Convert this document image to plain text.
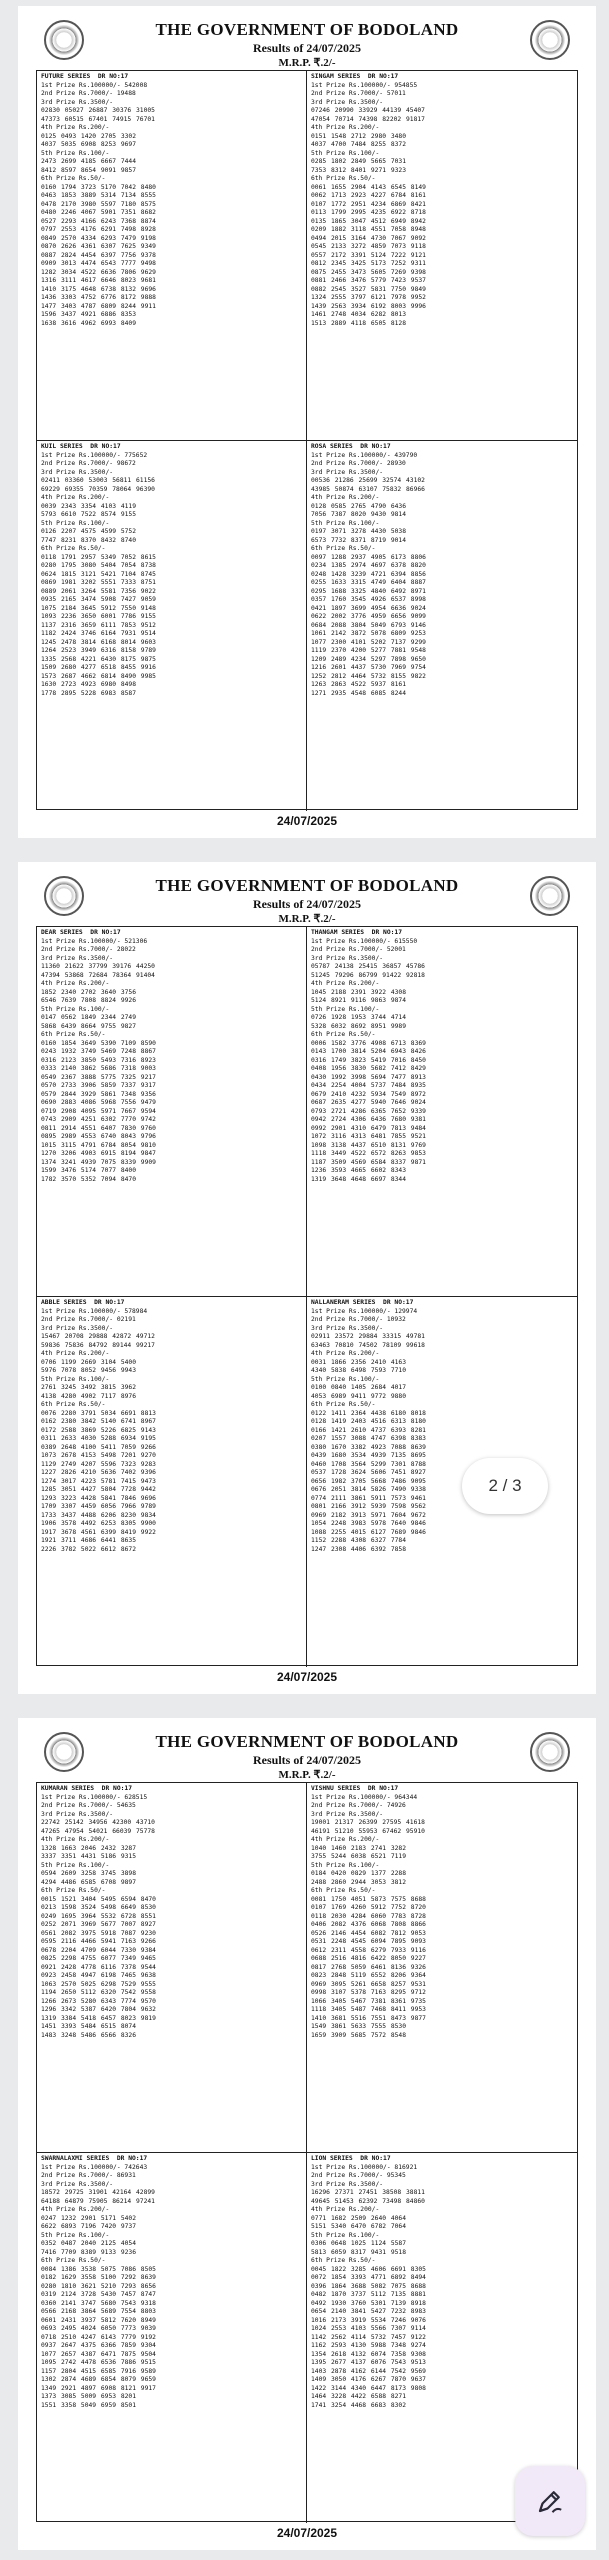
THE GOVERNMENT OF BODOLAND
Results of 24/07/2025
M.R.P. ₹.2/-
FUTURE SERIES  DR NO:17
1st Prize Rs.100000/- 542008
2nd Prize Rs.7000/- 19488
3rd Prize Rs.3500/-
02830 05027 26887 30376 31005
47373 60515 67401 74915 76701
4th Prize Rs.200/-
0125 0493 1420 2705 3302
4037 5035 6908 8253 9697
5th Prize Rs.100/-
2473 2699 4185 6667 7444
8412 8597 8654 9091 9857
6th Prize Rs.50/-
0160 1794 3723 5170 7042 8480
0463 1853 3889 5314 7134 8555
0478 2170 3980 5597 7180 8575
0480 2246 4067 5901 7351 8682
0527 2293 4166 6243 7368 8874
0797 2553 4176 6291 7498 8928
0849 2570 4334 6293 7479 9198
0870 2626 4361 6307 7625 9349
0887 2824 4454 6397 7756 9378
0909 3013 4474 6543 7777 9498
1282 3034 4522 6636 7806 9629
1316 3111 4617 6646 8023 9681
1410 3175 4648 6738 8132 9696
1436 3303 4752 6776 8172 9888
1477 3403 4787 6809 8244 9911
1596 3437 4921 6886 8353
1638 3616 4962 6993 8409
SINGAM SERIES  DR NO:17
1st Prize Rs.100000/- 954855
2nd Prize Rs.7000/- 57011
3rd Prize Rs.3500/-
07246 20990 33929 44139 45407
47054 70714 74398 82202 91817
4th Prize Rs.200/-
0151 1548 2712 2980 3480
4037 4700 7484 8255 8372
5th Prize Rs.100/-
0285 1802 2849 5665 7031
7353 8312 8401 9271 9323
6th Prize Rs.50/-
0061 1655 2904 4143 6545 8149
0062 1713 2923 4227 6784 8161
0107 1772 2951 4234 6869 8421
0113 1799 2995 4235 6922 8718
0135 1865 3047 4512 6949 8942
0209 1882 3118 4551 7058 8948
0494 2015 3164 4730 7067 9092
0545 2133 3272 4859 7073 9118
0557 2172 3391 5124 7222 9121
0812 2345 3425 5173 7252 9311
0875 2455 3473 5605 7269 9398
0881 2466 3476 5779 7423 9537
0882 2545 3527 5831 7750 9849
1324 2555 3797 6121 7978 9952
1439 2563 3934 6192 8003 9996
1461 2748 4034 6282 8013
1513 2889 4118 6505 8128
KUIL SERIES  DR NO:17
1st Prize Rs.100000/- 775652
2nd Prize Rs.7000/- 98672
3rd Prize Rs.3500/-
02411 03360 53003 56811 61156
69229 69355 70359 78064 96390
4th Prize Rs.200/-
0039 2343 3354 4103 4119
5793 6610 7522 8574 9155
5th Prize Rs.100/-
0126 2207 4575 4599 5752
7747 8231 8370 8432 8740
6th Prize Rs.50/-
0118 1791 2957 5349 7052 8615
0280 1795 3080 5404 7054 8738
0624 1815 3121 5421 7104 8745
0869 1981 3202 5551 7333 8751
0889 2061 3264 5581 7356 9022
0935 2165 3474 5908 7427 9059
1075 2184 3645 5912 7550 9148
1093 2236 3650 6001 7786 9155
1137 2316 3659 6111 7853 9512
1182 2424 3746 6164 7931 9514
1245 2478 3814 6168 8014 9603
1264 2523 3949 6316 8158 9789
1335 2568 4221 6430 8175 9875
1509 2680 4277 6518 8455 9916
1573 2687 4662 6814 8490 9985
1630 2723 4923 6980 8498
1778 2895 5228 6983 8587
ROSA SERIES  DR NO:17
1st Prize Rs.100000/- 439790
2nd Prize Rs.7000/- 28930
3rd Prize Rs.3500/-
00536 21286 25699 32574 43102
43985 50874 63107 75832 86966
4th Prize Rs.200/-
0128 0585 2765 4790 6436
7056 7387 8020 9430 9814
5th Prize Rs.100/-
0197 3071 3278 4430 5038
6573 7732 8371 8719 9014
6th Prize Rs.50/-
0097 1288 2937 4905 6173 8806
0234 1385 2974 4697 6378 8820
0248 1428 3239 4721 6394 8856
0255 1633 3315 4749 6404 8887
0295 1688 3325 4840 6492 8971
0357 1760 3545 4926 6537 8998
0421 1897 3699 4954 6636 9024
0622 2002 3776 4959 6656 9099
0684 2088 3804 5049 6793 9146
1061 2142 3872 5078 6809 9253
1077 2300 4101 5202 7137 9299
1119 2370 4200 5277 7881 9548
1209 2489 4234 5297 7898 9650
1216 2601 4437 5730 7969 9754
1252 2812 4464 5732 8155 9822
1263 2863 4522 5937 8161
1271 2935 4548 6085 8244
24/07/2025
THE GOVERNMENT OF BODOLAND
Results of 24/07/2025
M.R.P. ₹.2/-
DEAR SERIES  DR NO:17
1st Prize Rs.100000/- 521306
2nd Prize Rs.7000/- 28022
3rd Prize Rs.3500/-
11360 21622 37799 39176 44250
47394 53868 72684 78364 91404
4th Prize Rs.200/-
1852 2340 2702 3640 3756
6546 7639 7808 8824 9926
5th Prize Rs.100/-
0147 0562 1849 2344 2749
5868 6439 8664 9755 9827
6th Prize Rs.50/-
0160 1854 3649 5390 7109 8590
0243 1932 3749 5469 7248 8867
0316 2123 3850 5493 7316 8923
0333 2140 3862 5686 7318 9003
0549 2367 3888 5775 7325 9217
0570 2733 3906 5859 7337 9317
0579 2844 3929 5861 7348 9356
0690 2883 4086 5968 7556 9479
0719 2908 4095 5971 7667 9594
0743 2909 4251 6302 7770 9742
0811 2914 4551 6407 7830 9760
0895 2989 4553 6740 8043 9796
1015 3115 4791 6784 8054 9810
1270 3206 4903 6915 8194 9847
1374 3241 4939 7075 8339 9909
1599 3476 5174 7077 8400
1782 3570 5352 7094 8470
THANGAM SERIES  DR NO:17
1st Prize Rs.100000/- 615550
2nd Prize Rs.7000/- 52001
3rd Prize Rs.3500/-
05787 24138 25415 36857 45786
51245 79296 86799 91422 92818
4th Prize Rs.200/-
1045 2188 2391 3922 4308
5124 8921 9116 9863 9874
5th Prize Rs.100/-
0726 1928 1953 3744 4714
5328 6032 8692 8951 9989
6th Prize Rs.50/-
0006 1582 3776 4908 6713 8369
0143 1700 3814 5204 6943 8426
0316 1749 3823 5419 7016 8450
0408 1956 3830 5682 7412 8429
0430 1992 3998 5694 7477 8913
0434 2254 4004 5737 7484 8935
0679 2410 4232 5934 7549 8972
0687 2635 4277 5940 7646 9024
0793 2721 4286 6365 7652 9339
0942 2724 4306 6436 7680 9381
0992 2901 4310 6479 7813 9484
1072 3116 4313 6481 7855 9521
1098 3138 4437 6510 8131 9769
1118 3449 4522 6572 8263 9853
1187 3509 4569 6584 8337 9871
1236 3593 4665 6602 8343
1319 3648 4648 6697 8344
ABBLE SERIES  DR NO:17
1st Prize Rs.100000/- 578984
2nd Prize Rs.7000/- 02191
3rd Prize Rs.3500/-
15467 20708 29888 42872 49712
59836 75836 84792 89144 99217
4th Prize Rs.200/-
0706 1199 2669 3104 5400
5976 7078 8052 9456 9943
5th Prize Rs.100/-
2761 3245 3492 3815 3962
4138 4280 4902 7117 8976
6th Prize Rs.50/-
0076 2280 3791 5034 6691 8813
0162 2380 3842 5140 6741 8967
0172 2588 3869 5226 6825 9143
0311 2633 4030 5288 6934 9195
0389 2648 4100 5411 7059 9266
1073 2678 4153 5498 7201 9270
1129 2749 4207 5596 7323 9283
1227 2826 4210 5636 7402 9396
1274 3017 4223 5781 7415 9473
1285 3051 4427 5804 7728 9442
1293 3223 4428 5841 7846 9696
1709 3307 4459 6056 7966 9789
1733 3437 4488 6206 8230 9834
1906 3578 4492 6253 8305 9900
1917 3678 4561 6399 8419 9922
1921 3711 4686 6441 8635
2226 3782 5022 6612 8672
NALLANERAM SERIES  DR NO:17
1st Prize Rs.100000/- 129974
2nd Prize Rs.7000/- 10932
3rd Prize Rs.3500/-
02911 23572 29884 33315 49781
63463 70810 74502 78109 99618
4th Prize Rs.200/-
0031 1866 2356 2410 4163
4340 5838 6498 7593 7710
5th Prize Rs.100/-
0100 0840 1405 2684 4017
4053 6989 9411 9772 9880
6th Prize Rs.50/-
0122 1411 2364 4438 6180 8018
0128 1419 2403 4516 6313 8180
0166 1421 2610 4737 6393 8281
0207 1557 3088 4747 6398 8383
0380 1670 3382 4923 7088 8639
0439 1680 3534 4939 7135 8695
0460 1708 3564 5299 7301 8788
0537 1728 3624 5606 7451 8927
0656 1982 3705 5668 7486 9095
0676 2051 3814 5826 7490 9338
0774 2111 3861 5911 7573 9461
0801 2166 3912 5939 7598 9562
0969 2182 3913 5971 7604 9672
1054 2248 3983 5978 7640 9846
1088 2255 4015 6127 7689 9846
1152 2288 4308 6327 7784
1247 2308 4406 6392 7858
24/07/2025
THE GOVERNMENT OF BODOLAND
Results of 24/07/2025
M.R.P. ₹.2/-
KUMARAN SERIES  DR NO:17
1st Prize Rs.100000/- 628515
2nd Prize Rs.7000/- 54635
3rd Prize Rs.3500/-
22742 25142 34956 42300 43710
47265 47954 54021 66039 75778
4th Prize Rs.200/-
1328 1663 2046 2432 3287
3337 3351 4431 5186 9315
5th Prize Rs.100/-
0594 2609 3258 3745 3898
4294 4486 6585 6708 9897
6th Prize Rs.50/-
0015 1521 3404 5495 6594 8470
0213 1598 3524 5498 6649 8530
0249 1695 3964 5532 6728 8551
0252 2071 3969 5677 7007 8927
0561 2082 3975 5918 7087 9230
0595 2116 4466 5941 7163 9266
0678 2204 4709 6044 7330 9384
0825 2298 4755 6077 7349 9465
0921 2428 4778 6116 7378 9544
0923 2458 4947 6198 7465 9638
1063 2570 5025 6298 7529 9555
1194 2650 5112 6320 7542 9558
1266 2673 5280 6343 7774 9570
1296 3342 5387 6420 7804 9632
1319 3384 5418 6457 8023 9819
1451 3393 5484 6515 8074
1483 3248 5486 6566 8326
VISHNU SERIES  DR NO:17
1st Prize Rs.100000/- 964344
2nd Prize Rs.7000/- 74926
3rd Prize Rs.3500/-
19001 21317 26399 27595 41618
46191 51210 55953 67462 95910
4th Prize Rs.200/-
1040 1460 2183 2741 3282
3755 5244 6038 6521 7119
5th Prize Rs.100/-
0184 0420 0829 1377 2288
2488 2860 2944 3053 3812
6th Prize Rs.50/-
0081 1750 4051 5873 7575 8688
0107 1769 4260 5912 7752 8720
0118 2030 4284 6060 7783 8728
0406 2082 4376 6068 7808 8866
0526 2146 4454 6082 7812 9053
0531 2248 4545 6094 7895 9093
0612 2311 4558 6279 7933 9116
0688 2516 4816 6422 8050 9227
0817 2768 5059 6461 8136 9326
0823 2848 5119 6552 8206 9364
0969 3095 5261 6658 8257 9531
0998 3107 5378 7163 8295 9712
1066 3405 5467 7381 8361 9735
1118 3405 5487 7468 8411 9953
1410 3681 5516 7551 8473 9877
1549 3861 5633 7555 8530
1659 3909 5685 7572 8548
SWARNALAXMI SERIES  DR NO:17
1st Prize Rs.100000/- 742643
2nd Prize Rs.7000/- 86931
3rd Prize Rs.3500/-
18572 29725 31901 42164 42899
64188 64879 75905 86214 97241
4th Prize Rs.200/-
0247 1232 2901 5171 5402
6622 6893 7196 7420 9737
5th Prize Rs.100/-
0352 0487 2040 2125 4054
7416 7709 8389 9133 9236
6th Prize Rs.50/-
0084 1386 3538 5075 7086 8505
0182 1629 3558 5100 7292 8639
0280 1810 3621 5210 7293 8656
0319 2124 3728 5430 7457 8747
0360 2141 3747 5680 7543 9318
0566 2168 3864 5689 7554 8803
0601 2431 3937 5812 7620 8949
0693 2495 4024 6050 7773 9039
0718 2510 4247 6143 7779 9192
0937 2647 4375 6366 7859 9304
1077 2657 4387 6471 7875 9504
1095 2742 4478 6536 7886 9515
1157 2804 4515 6585 7916 9589
1302 2874 4689 6854 8079 9659
1349 2921 4897 6908 8121 9917
1373 3085 5009 6953 8201
1551 3358 5049 6959 8501
LION SERIES  DR NO:17
1st Prize Rs.100000/- 816921
2nd Prize Rs.7000/- 95345
3rd Prize Rs.3500/-
16296 27371 27451 38508 38811
49645 51453 62392 73498 84860
4th Prize Rs.200/-
0771 1682 2509 2640 4064
5151 5340 6470 6782 7064
5th Prize Rs.100/-
0306 0648 1025 1124 5587
5813 6059 8317 9431 9518
6th Prize Rs.50/-
0045 1822 3285 4606 6691 8305
0072 1854 3393 4771 6892 8494
0396 1864 3688 5082 7075 8688
0482 1870 3737 5112 7135 8881
0492 1930 3760 5301 7139 8918
0654 2140 3841 5427 7232 8983
1016 2173 3919 5534 7246 9076
1024 2553 4103 5566 7307 9114
1142 2562 4114 5732 7457 9122
1162 2593 4130 5988 7348 9274
1354 2618 4132 6074 7358 9308
1395 2677 4137 6076 7543 9513
1403 2878 4162 6144 7542 9569
1409 3050 4176 6267 7870 9637
1422 3144 4340 6447 8173 9808
1464 3228 4422 6588 8271
1741 3254 4468 6683 8302
24/07/2025
2 / 3
